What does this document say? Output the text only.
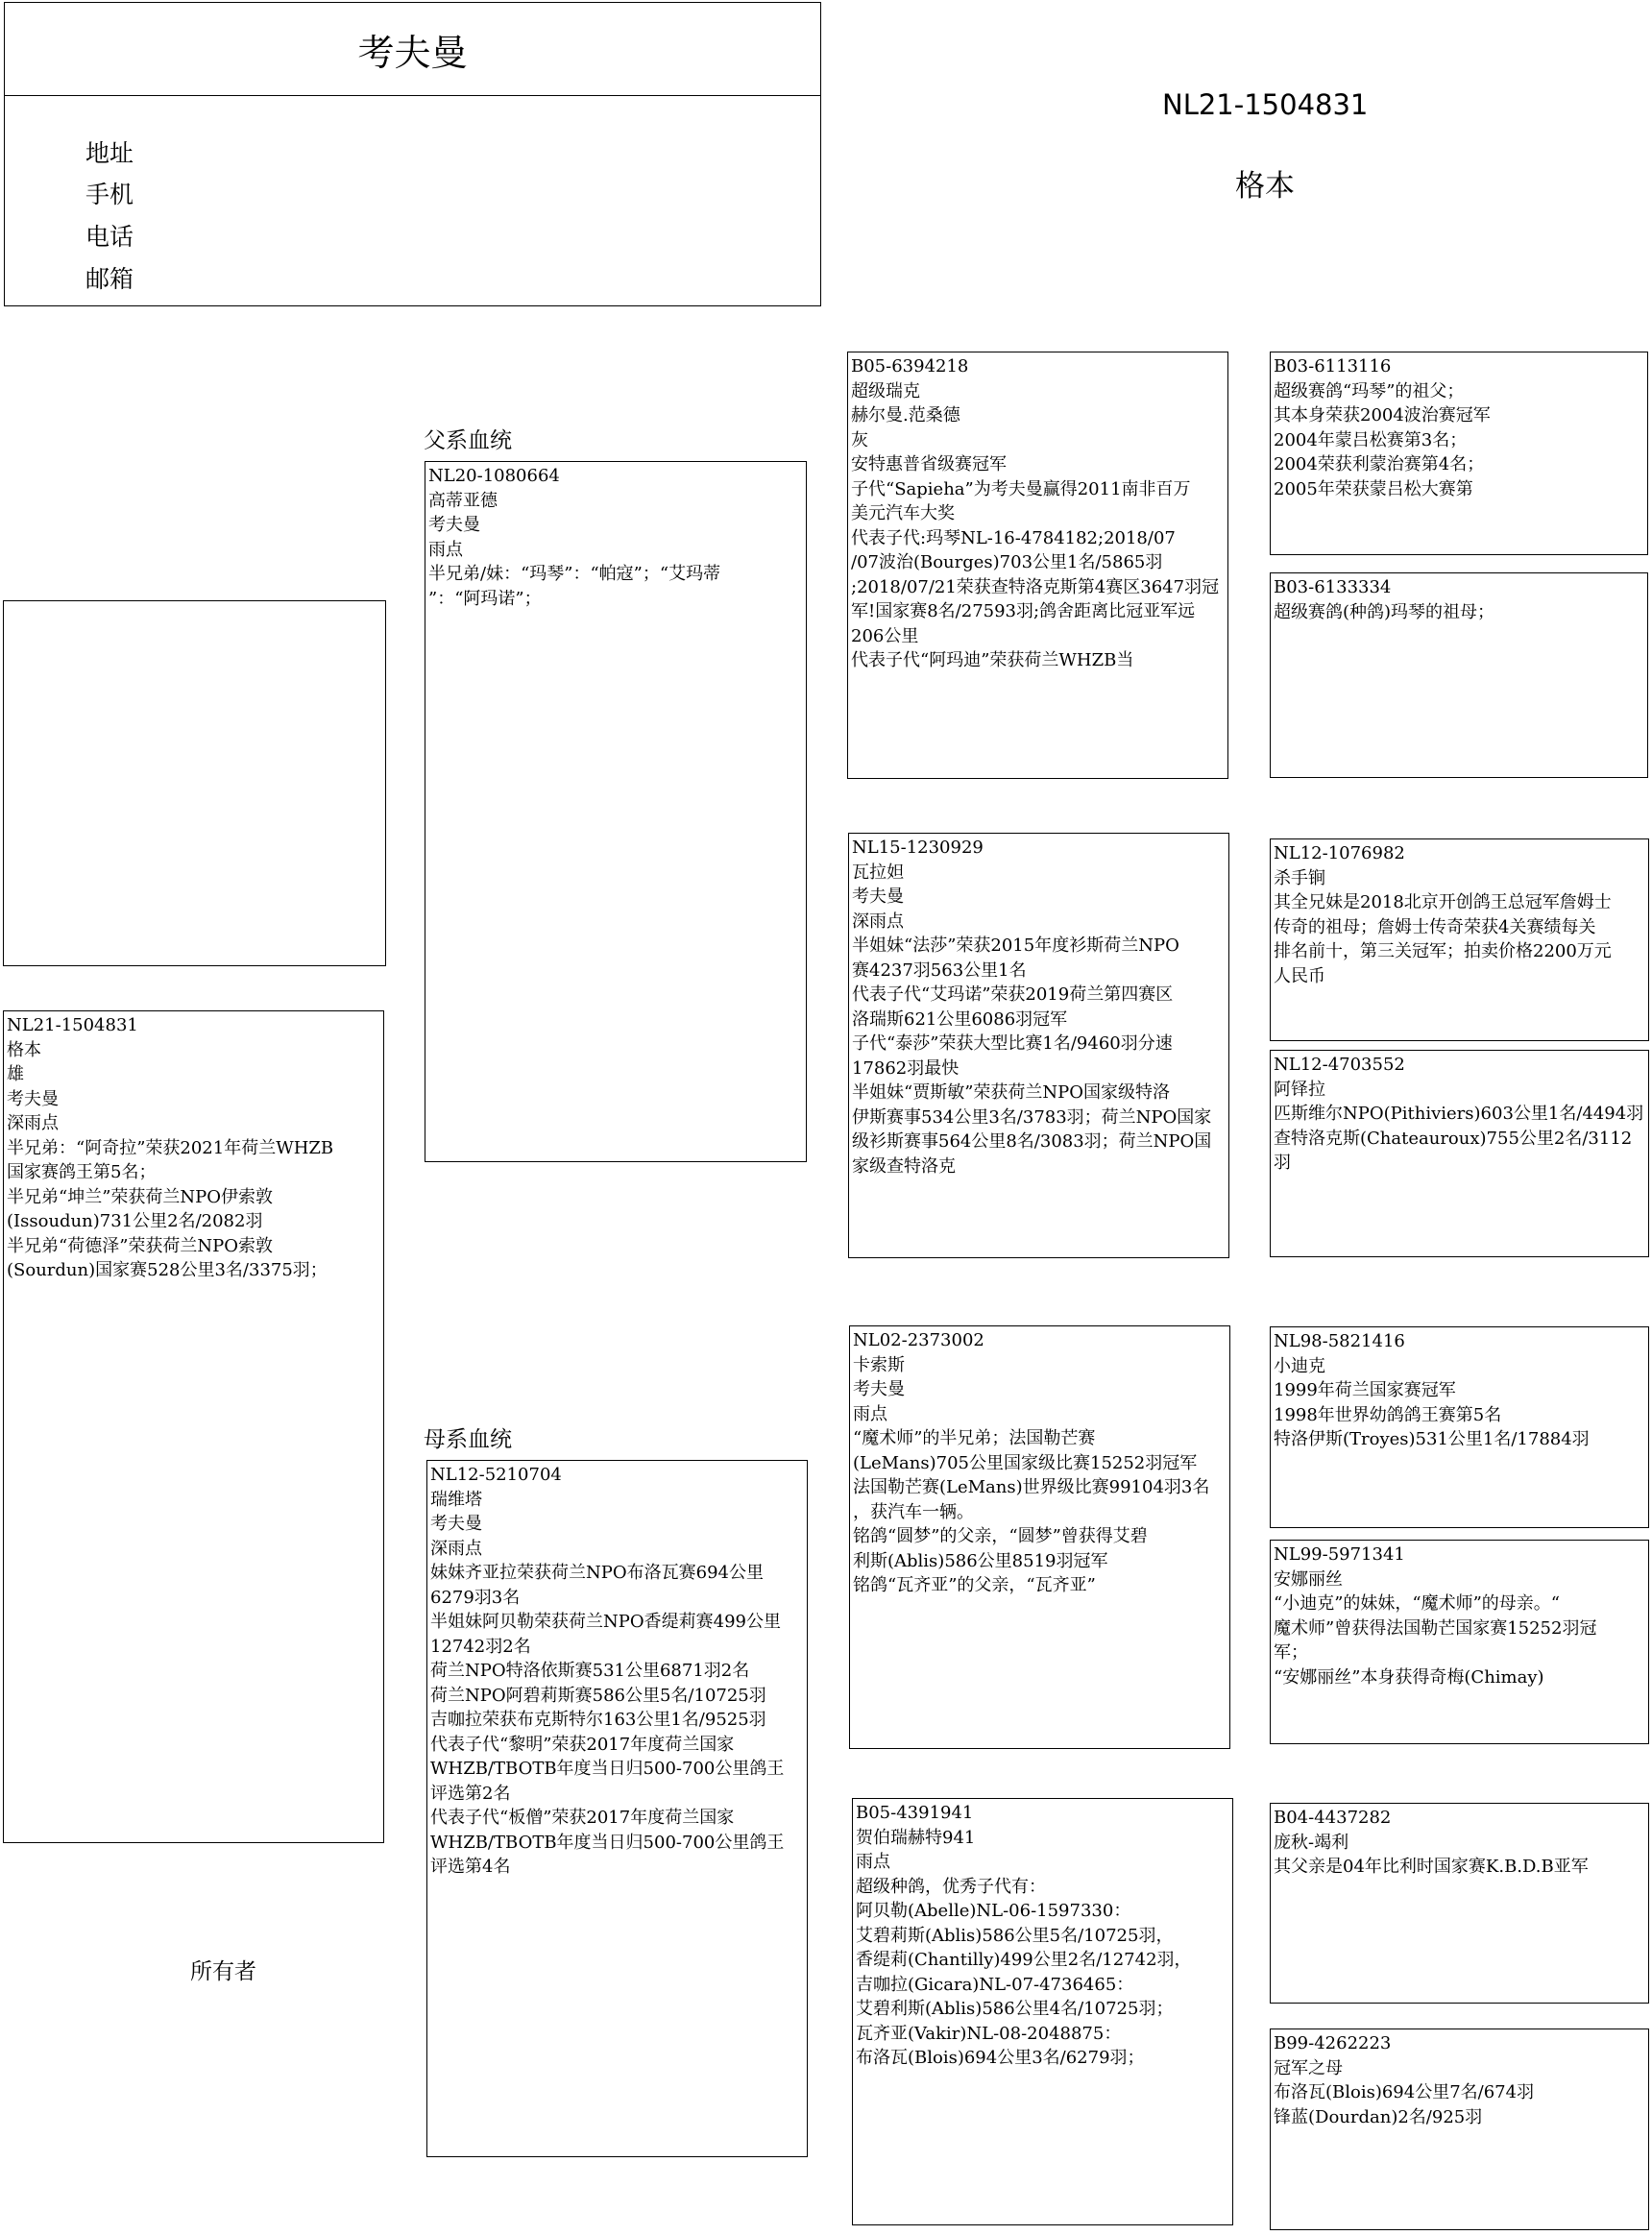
考夫曼
地址
手机
电话
邮箱
NL21-1504831
格本
父系血统
母系血统
所有者
NL21-1504831
格本
雄
考夫曼
深雨点
半兄弟：“阿奇拉”荣获2021年荷兰WHZB
国家赛鸽王第5名；
半兄弟“坤兰”荣获荷兰NPO伊索敦
(Issoudun)731公里2名/2082羽
半兄弟“荷德泽”荣获荷兰NPO索敦
(Sourdun)国家赛528公里3名/3375羽；
NL20-1080664
高蒂亚德
考夫曼
雨点
半兄弟/妹：“玛琴”：“帕寇”；“艾玛蒂
”：“阿玛诺”；
NL12-5210704
瑞维塔
考夫曼
深雨点
妹妹齐亚拉荣获荷兰NPO布洛瓦赛694公里
6279羽3名
半姐妹阿贝勒荣获荷兰NPO香缇莉赛499公里
12742羽2名
荷兰NPO特洛依斯赛531公里6871羽2名
荷兰NPO阿碧莉斯赛586公里5名/10725羽
吉咖拉荣获布克斯特尔163公里1名/9525羽
代表子代“黎明”荣获2017年度荷兰国家
WHZB/TBOTB年度当日归500-700公里鸽王
评选第2名
代表子代“板僧”荣获2017年度荷兰国家
WHZB/TBOTB年度当日归500-700公里鸽王
评选第4名
B05-6394218
超级瑞克
赫尔曼.范桑德
灰
安特惠普省级赛冠军
子代“Sapieha”为考夫曼赢得2011南非百万
美元汽车大奖
代表子代:玛琴NL-16-4784182;2018/07
/07波治(Bourges)703公里1名/5865羽
;2018/07/21荣获查特洛克斯第4赛区3647羽冠
军!国家赛8名/27593羽;鸽舍距离比冠亚军远
206公里
代表子代“阿玛迪”荣获荷兰WHZB当
NL15-1230929
瓦拉妲
考夫曼
深雨点
半姐妹“法莎”荣获2015年度衫斯荷兰NPO
赛4237羽563公里1名
代表子代“艾玛诺”荣获2019荷兰第四赛区
洛瑞斯621公里6086羽冠军
子代“泰莎”荣获大型比赛1名/9460羽分速
17862羽最快
半姐妹“贾斯敏”荣获荷兰NPO国家级特洛
伊斯赛事534公里3名/3783羽；荷兰NPO国家
级衫斯赛事564公里8名/3083羽；荷兰NPO国
家级查特洛克
NL02-2373002
卡索斯
考夫曼
雨点
“魔术师”的半兄弟；法国勒芒赛
(LeMans)705公里国家级比赛15252羽冠军
法国勒芒赛(LeMans)世界级比赛99104羽3名
，获汽车一辆。
铭鸽“圆梦”的父亲，“圆梦”曾获得艾碧
利斯(Ablis)586公里8519羽冠军
铭鸽“瓦齐亚”的父亲，“瓦齐亚”
B05-4391941
贺伯瑞赫特941
雨点
超级种鸽，优秀子代有：
阿贝勒(Abelle)NL-06-1597330：
艾碧莉斯(Ablis)586公里5名/10725羽，
香缇莉(Chantilly)499公里2名/12742羽，
吉咖拉(Gicara)NL-07-4736465：
艾碧利斯(Ablis)586公里4名/10725羽；
瓦齐亚(Vakir)NL-08-2048875：
布洛瓦(Blois)694公里3名/6279羽；
B03-6113116
超级赛鸽“玛琴”的祖父；
其本身荣获2004波治赛冠军
2004年蒙吕松赛第3名；
2004荣获利蒙治赛第4名；
2005年荣获蒙吕松大赛第
B03-6133334
超级赛鸽(种鸽)玛琴的祖母；
NL12-1076982
杀手锏
其全兄妹是2018北京开创鸽王总冠军詹姆士
传奇的祖母；詹姆士传奇荣获4关赛绩每关
排名前十，第三关冠军；拍卖价格2200万元
人民币
NL12-4703552
阿铎拉
匹斯维尔NPO(Pithiviers)603公里1名/4494羽
查特洛克斯(Chateauroux)755公里2名/3112羽
NL98-5821416
小迪克
1999年荷兰国家赛冠军
1998年世界幼鸽鸽王赛第5名
特洛伊斯(Troyes)531公里1名/17884羽
NL99-5971341
安娜丽丝
“小迪克”的妹妹，“魔术师”的母亲。“
魔术师”曾获得法国勒芒国家赛15252羽冠
军；
“安娜丽丝”本身获得奇梅(Chimay)
B04-4437282
庞秋-竭利
其父亲是04年比利时国家赛K.B.D.B亚军
B99-4262223
冠军之母
布洛瓦(Blois)694公里7名/674羽
锋蓝(Dourdan)2名/925羽
